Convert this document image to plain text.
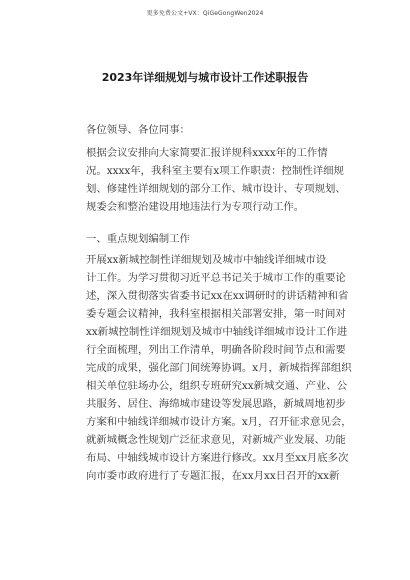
更多免费公文+VX：QiGeGongWen2024
2023年详细规划与城市设计工作述职报告
各位领导、各位同事：
根据会议安排向大家简要汇报详规科xxxx年的工作情
况。xxxx年，我科室主要有x项工作职责：控制性详细规
划、修建性详细规划的部分工作、城市设计、专项规划、
规委会和整治建设用地违法行为专项行动工作。
一、重点规划编制工作
开展xx新城控制性详细规划及城市中轴线详细城市设
计工作。为学习贯彻习近平总书记关于城市工作的重要论
述，深入贯彻落实省委书记xx在xx调研时的讲话精神和省
委专题会议精神，我科室根据相关部署安排，第一时间对
xx新城控制性详细规划及城市中轴线详细城市设计工作进
行全面梳理，列出工作清单，明确各阶段时间节点和需要
完成的成果，强化部门间统筹协调。x月，新城指挥部组织
相关单位驻场办公，组织专班研究xx新城交通、产业、公
共服务、居住、海绵城市建设等发展思路，新城周地初步
方案和中轴线详细城市设计方案。x月，召开征求意见会，
就新城概念性规划广泛征求意见，对新城产业发展、功能
布局、中轴线城市设计方案进行修改。xx月至xx月底多次
向市委市政府进行了专题汇报，在xx月xx日召开的xx新
